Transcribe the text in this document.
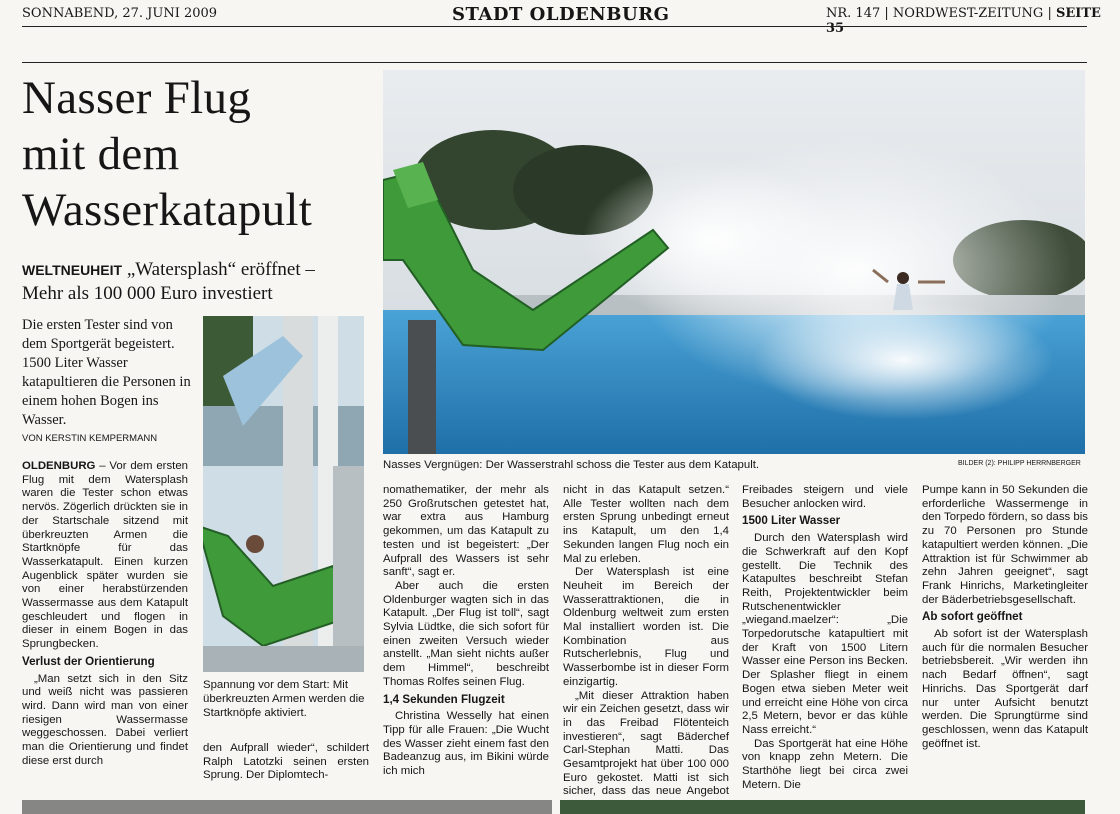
SONNABEND, 27. JUNI 2009	STADT OLDENBURG	NR. 147 | NORDWEST-ZEITUNG | SEITE 35
Nasser Flug
mit dem
Wasserkatapult
WELTNEUHEIT „Watersplash“ eröffnet –
Mehr als 100 000 Euro investiert
Die ersten Tester sind von dem Sportgerät begeistert. 1500 Liter Wasser katapultieren die Personen in einem hohen Bogen ins Wasser.
VON KERSTIN KEMPERMANN
Nasses Vergnügen: Der Wasserstrahl schoss die Tester aus dem Katapult.	BILDER (2): PHILIPP HERRNBERGER
Spannung vor dem Start: Mit überkreuzten Armen werden die Startknöpfe aktiviert.

OLDENBURG – Vor dem ersten Flug mit dem Watersplash waren die Tester schon etwas nervös. Zögerlich drückten sie in der Startschale sitzend mit überkreuzten Armen die Startknöpfe für das Wasserkatapult. Einen kurzen Augenblick später wurden sie von einer herabstürzenden Wassermasse aus dem Katapult geschleudert und flogen in dieser in einem Bogen in das Sprungbecken.

Verlust der Orientierung

„Man setzt sich in den Sitz und weiß nicht was passieren wird. Dann wird man von einer riesigen Wassermasse weggeschossen. Dabei verliert man die Orientierung und findet diese erst durch

den Aufprall wieder“, schildert Ralph Latotzki seinen ersten Sprung. Der Diplomtech-

nomathematiker, der mehr als 250 Großrutschen getestet hat, war extra aus Hamburg gekommen, um das Katapult zu testen und ist begeistert: „Der Aufprall des Wassers ist sehr sanft“, sagt er.

Aber auch die ersten Oldenburger wagten sich in das Katapult. „Der Flug ist toll“, sagt Sylvia Lüdtke, die sich sofort für einen zweiten Versuch wieder anstellt. „Man sieht nichts außer dem Himmel“, beschreibt Thomas Rolfes seinen Flug.

1,4 Sekunden Flugzeit

Christina Wesselly hat einen Tipp für alle Frauen: „Die Wucht des Wasser zieht einem fast den Badeanzug aus, im Bikini würde ich mich

nicht in das Katapult setzen.“ Alle Tester wollten nach dem ersten Sprung unbedingt erneut ins Katapult, um den 1,4 Sekunden langen Flug noch ein Mal zu erleben.

Der Watersplash ist eine Neuheit im Bereich der Wasserattraktionen, die in Oldenburg weltweit zum ersten Mal installiert worden ist. Die Kombination aus Rutscherlebnis, Flug und Wasserbombe ist in dieser Form einzigartig.

„Mit dieser Attraktion haben wir ein Zeichen gesetzt, dass wir in das Freibad Flötenteich investieren“, sagt Bäderchef Carl-Stephan Matti. Das Gesamtprojekt hat über 100 000 Euro gekostet. Matti ist sich sicher, dass das neue Angebot

Freibades steigern und viele Besucher anlocken wird.

1500 Liter Wasser

Durch den Watersplash wird die Schwerkraft auf den Kopf gestellt. Die Technik des Katapultes beschreibt Stefan Reith, Projektentwickler beim Rutschenentwickler „wiegand.maelzer“: „Die Torpedorutsche katapultiert mit der Kraft von 1500 Litern Wasser eine Person ins Becken. Der Splasher fliegt in einem Bogen etwa sieben Meter weit und erreicht eine Höhe von circa 2,5 Metern, bevor er das kühle Nass erreicht.“

Das Sportgerät hat eine Höhe von knapp zehn Metern. Die Starthöhe liegt bei circa zwei Metern. Die

Pumpe kann in 50 Sekunden die erforderliche Wassermenge in den Torpedo fördern, so dass bis zu 70 Personen pro Stunde katapultiert werden können. „Die Attraktion ist für Schwimmer ab zehn Jahren geeignet“, sagt Frank Hinrichs, Marketingleiter der Bäderbetriebsgesellschaft.

Ab sofort geöffnet

Ab sofort ist der Watersplash auch für die normalen Besucher betriebsbereit. „Wir werden ihn nach Bedarf öffnen“, sagt Hinrichs. Das Sportgerät darf nur unter Aufsicht benutzt werden. Die Sprungtürme sind geschlossen, wenn das Katapult geöffnet ist.
